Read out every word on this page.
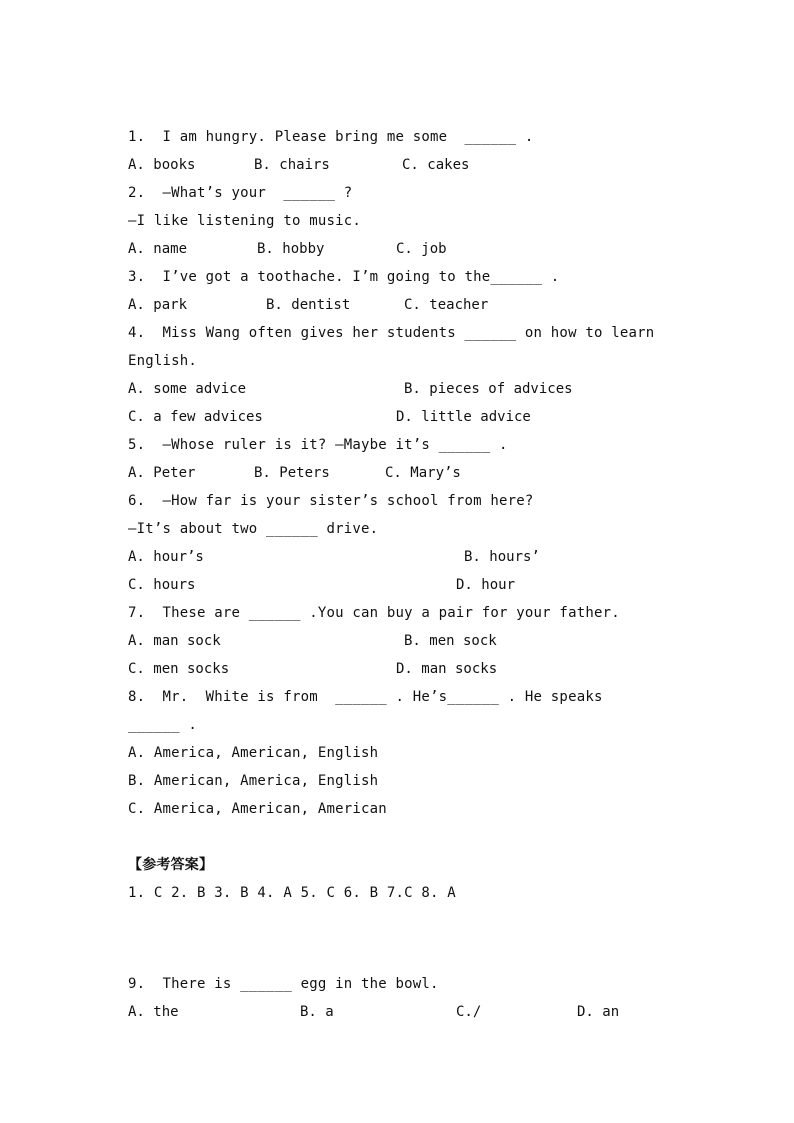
1.  I am hungry. Please bring me some  ______ .
A. books	B. chairs	C. cakes
2.  –What’s your  ______ ?
–I like listening to music.
A. name	B. hobby	C. job
3.  I’ve got a toothache. I’m going to the______ .
A. park	B. dentist	C. teacher
4.  Miss Wang often gives her students ______ on how to learn
English.
A. some advice	B. pieces of advices
C. a few advices	D. little advice
5.  —Whose ruler is it? —Maybe it’s ______ .
A. Peter	B. Peters	C. Mary’s
6.  —How far is your sister’s school from here?
—It’s about two ______ drive.
A. hour’s	B. hours’
C. hours	D. hour
7.  These are ______ .You can buy a pair for your father.
A. man sock	B. men sock
C. men socks	D. man socks
8.  Mr.  White is from  ______ . He’s______ . He speaks
______ .
A. America, American, English
B. American, America, English
C. America, American, American
【参考答案】
1. C 2. B 3. B 4. A 5. C 6. B 7.C 8. A
9.  There is ______ egg in the bowl.
A. the	B. a	C./	D. an
